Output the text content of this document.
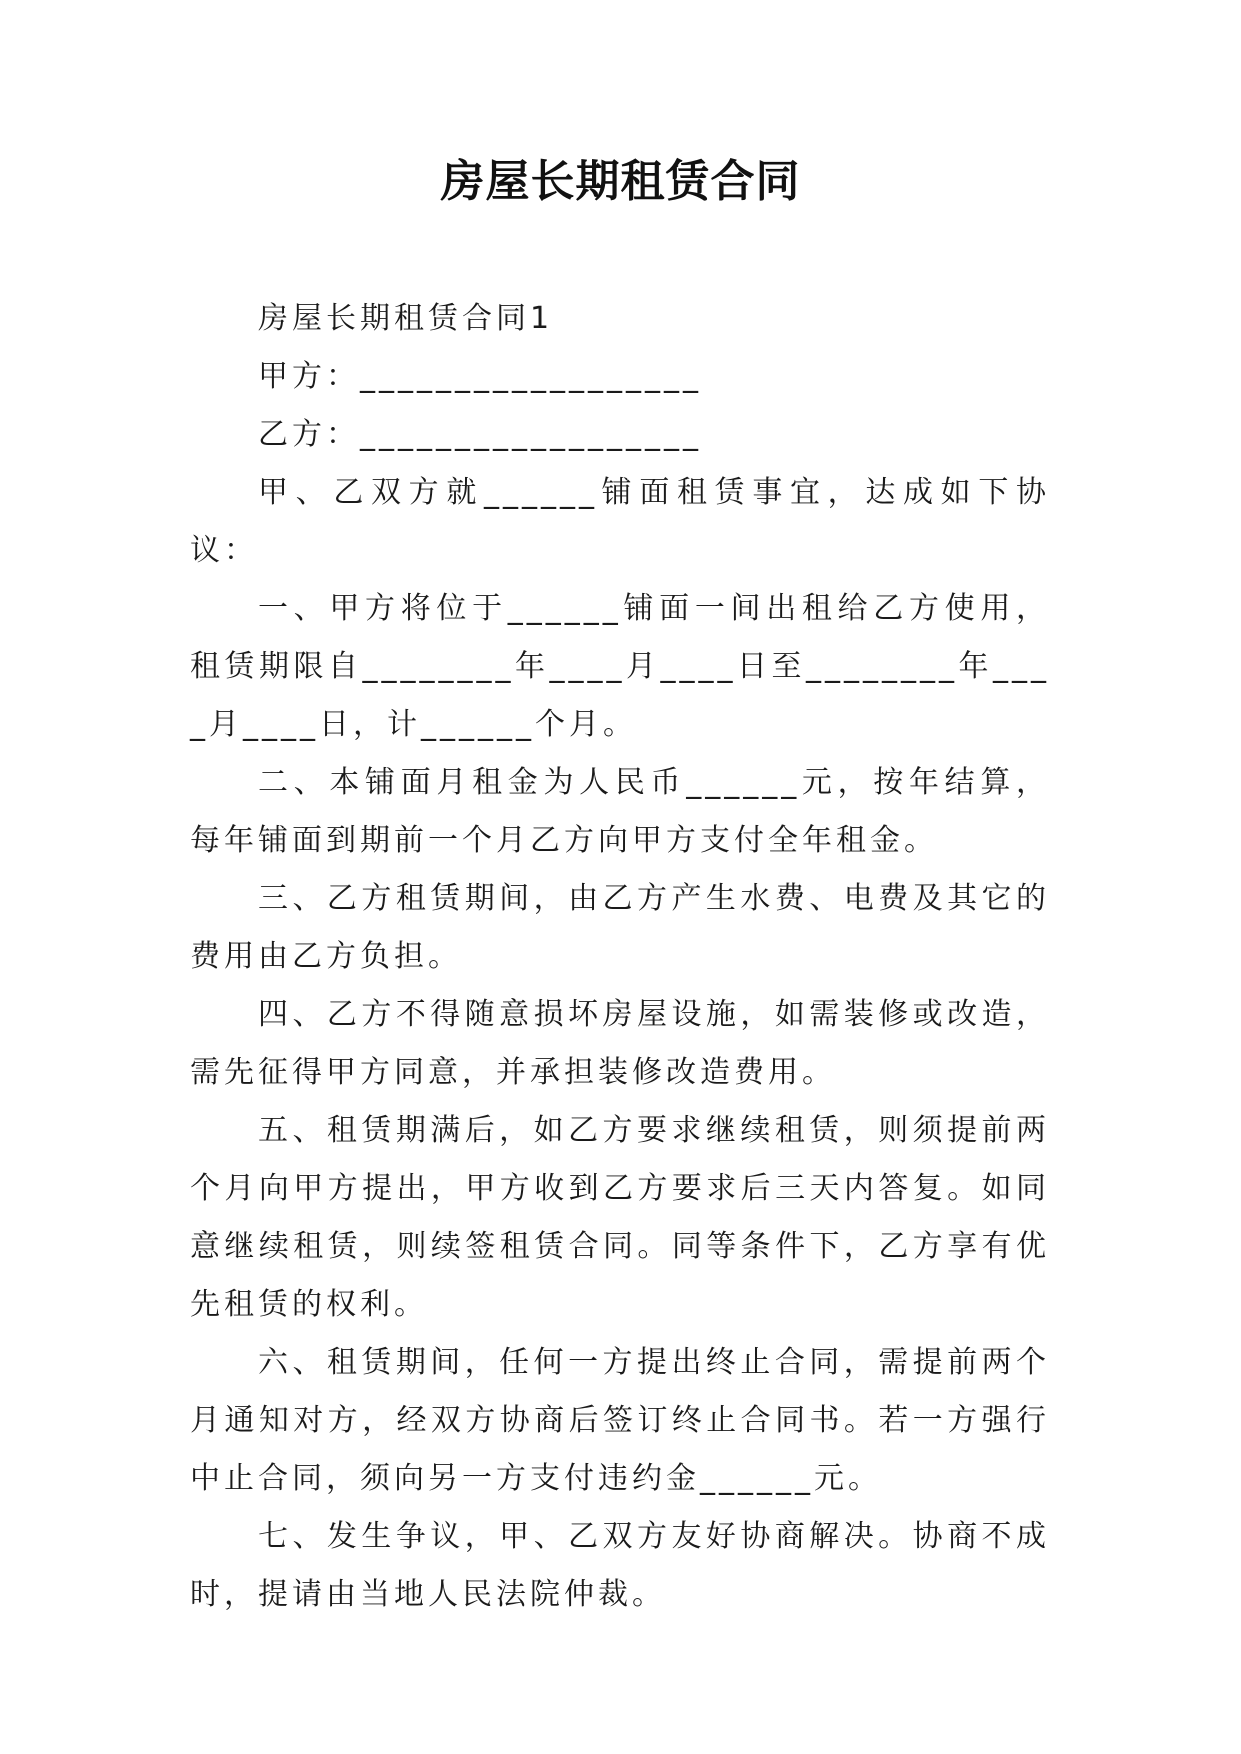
房屋长期租赁合同

房屋长期租赁合同1

甲方：__________________

乙方：__________________

甲、乙双方就______铺面租赁事宜，达成如下协议：

一、甲方将位于______铺面一间出租给乙方使用，租赁期限自________年____月____日至________年____月____日，计______个月。

二、本铺面月租金为人民币______元，按年结算，每年铺面到期前一个月乙方向甲方支付全年租金。

三、乙方租赁期间，由乙方产生水费、电费及其它的费用由乙方负担。

四、乙方不得随意损坏房屋设施，如需装修或改造，需先征得甲方同意，并承担装修改造费用。

五、租赁期满后，如乙方要求继续租赁，则须提前两个月向甲方提出，甲方收到乙方要求后三天内答复。如同意继续租赁，则续签租赁合同。同等条件下，乙方享有优先租赁的权利。

六、租赁期间，任何一方提出终止合同，需提前两个月通知对方，经双方协商后签订终止合同书。若一方强行中止合同，须向另一方支付违约金______元。

七、发生争议，甲、乙双方友好协商解决。协商不成时，提请由当地人民法院仲裁。
